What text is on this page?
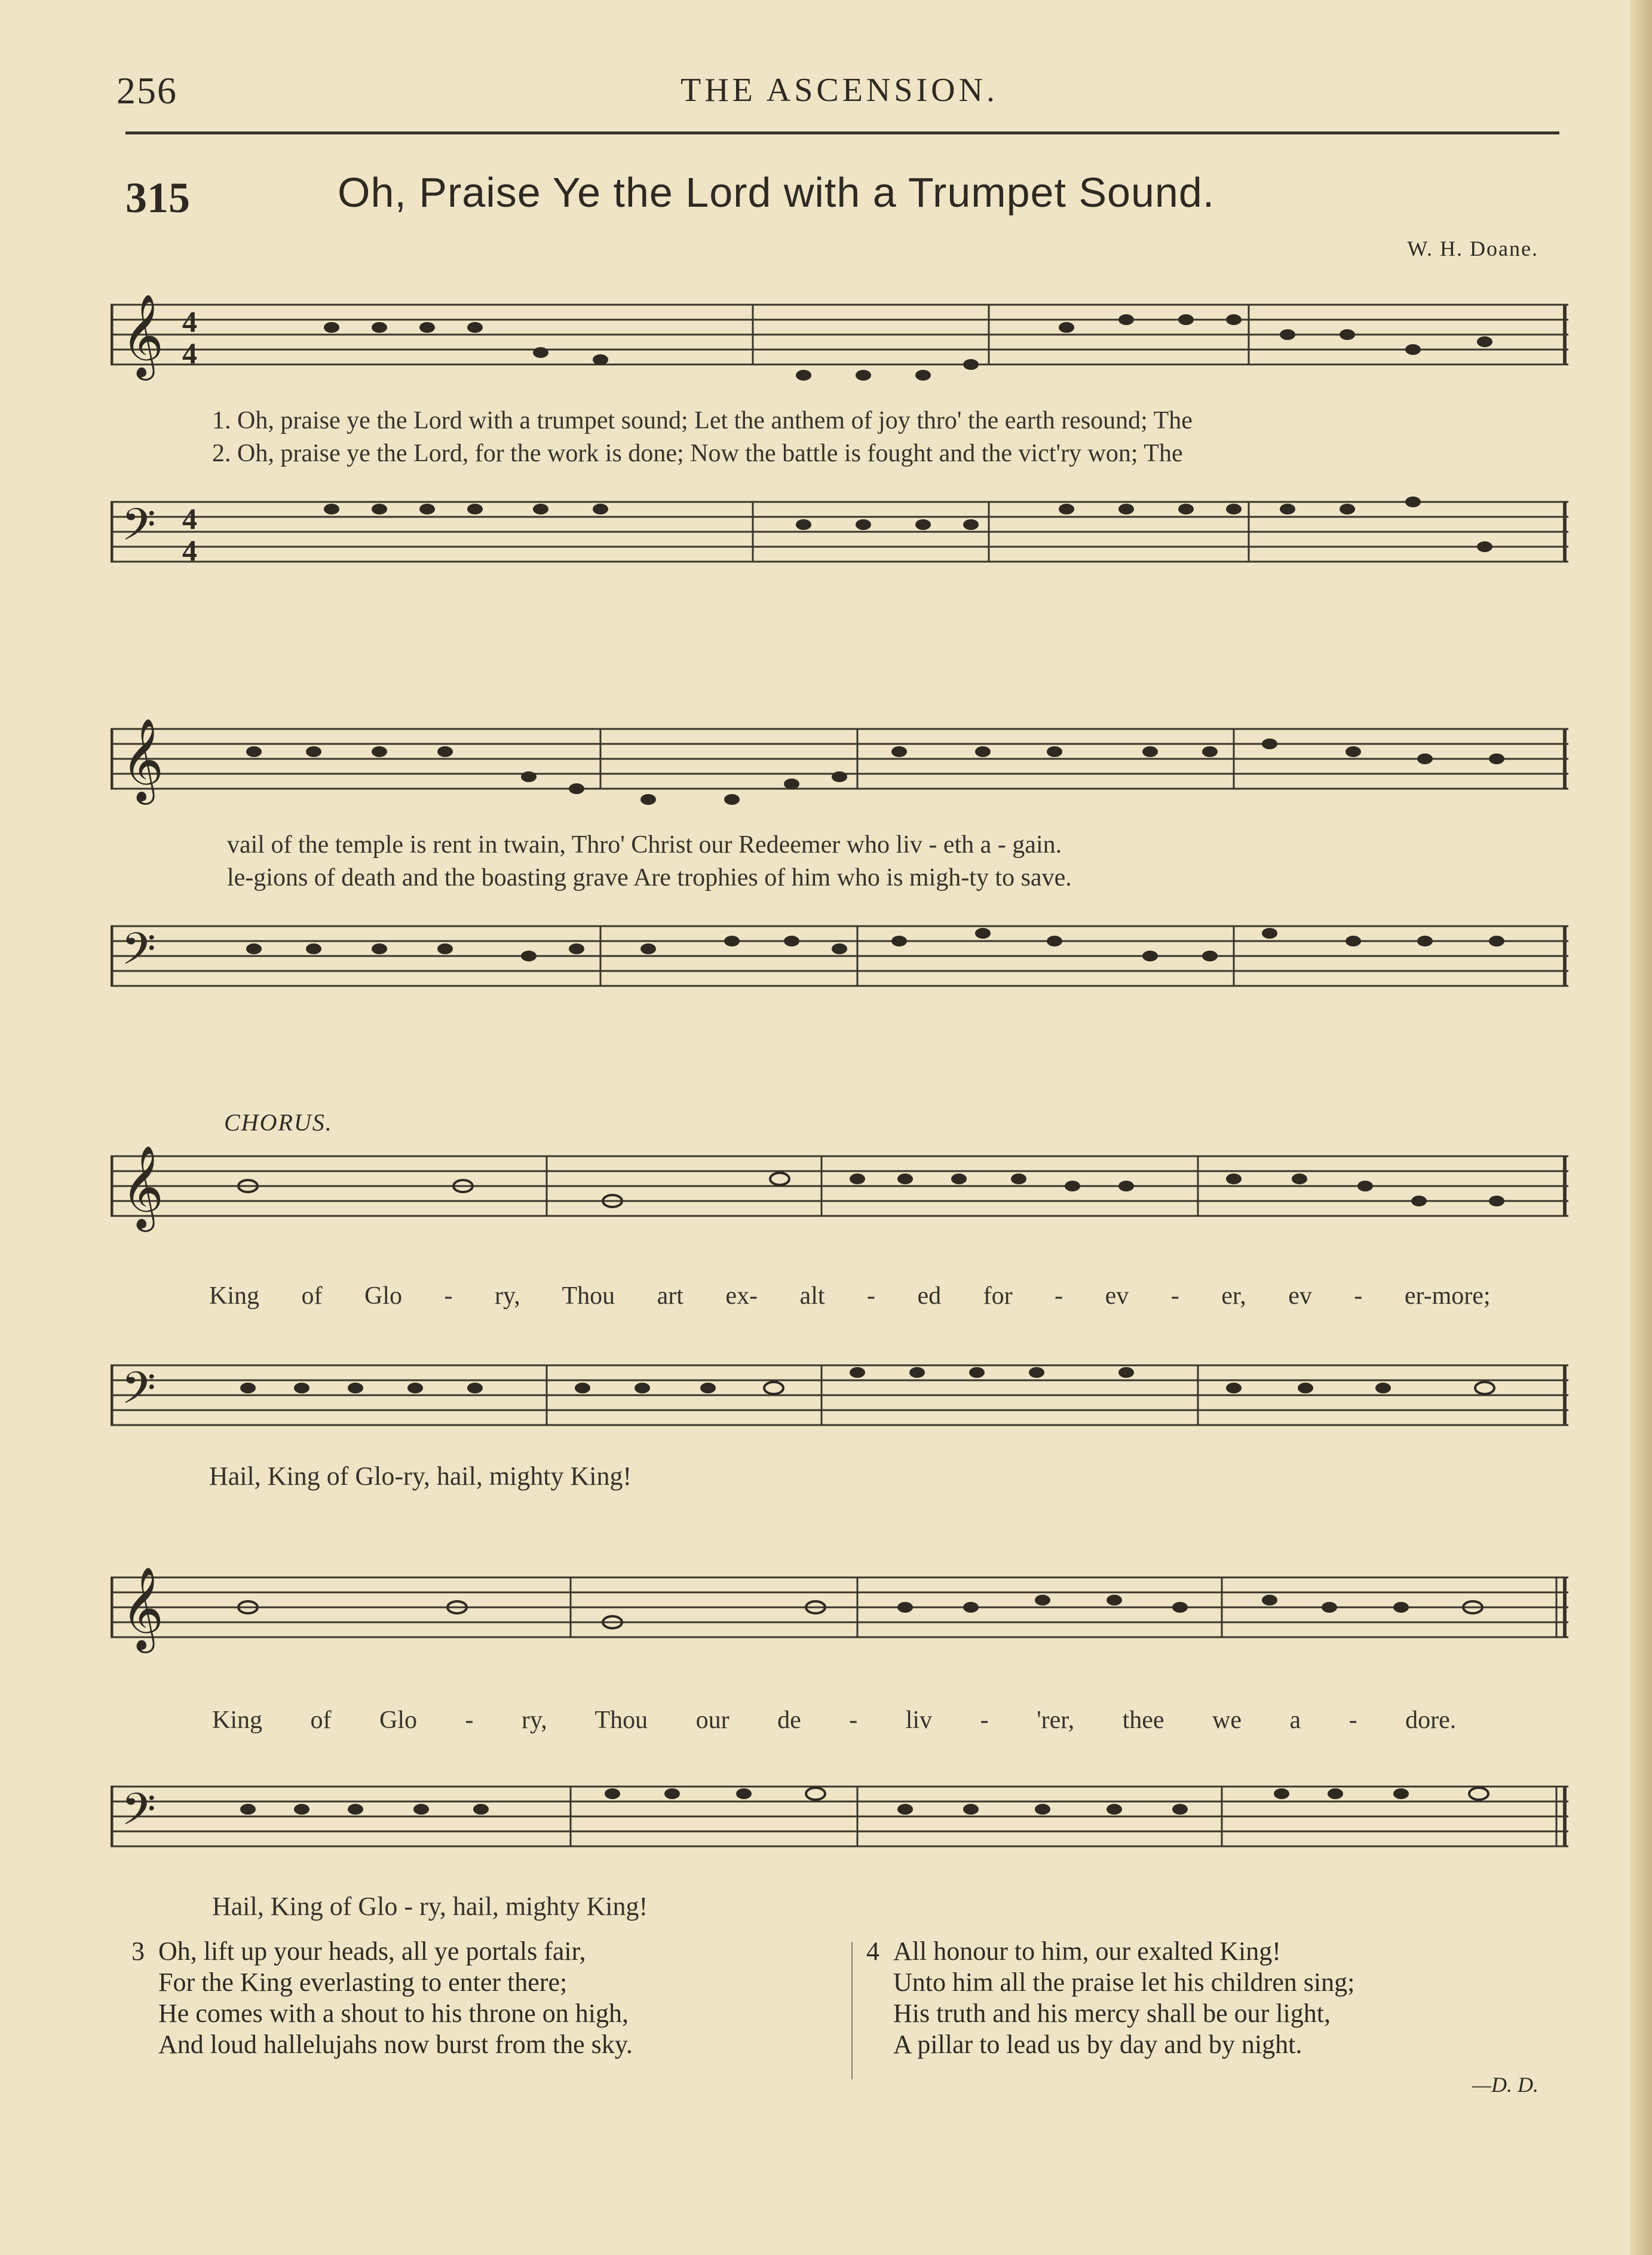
256	THE ASCENSION.
315	Oh, Praise Ye the Lord with a Trumpet Sound.
W. H. Doane.
𝄞 4
4
1. Oh, praise ye the Lord with a trumpet sound; Let the anthem of joy thro' the earth resound; The
2. Oh, praise ye the Lord, for the work is done; Now the battle is fought and the vict'ry won; The
𝄢 4
4
𝄞
vail of the temple is rent in twain, Thro' Christ our Redeemer who liv - eth a - gain.
le-gions of death and the boasting grave Are trophies of him who is migh-ty to save.
𝄢
CHORUS.
𝄞
King of Glo - ry, Thou art ex- alt - ed for - ev - er, ev - er-more;
𝄢
Hail, King of Glo-ry, hail, mighty King!
𝄞
King of Glo - ry, Thou our de - liv - 'rer, thee we a - dore.
𝄢
Hail, King of Glo - ry, hail, mighty King!
3 Oh, lift up your heads, all ye portals fair,
For the King everlasting to enter there;
He comes with a shout to his throne on high,
And loud hallelujahs now burst from the sky.
4 All honour to him, our exalted King!
Unto him all the praise let his children sing;
His truth and his mercy shall be our light,
A pillar to lead us by day and by night.
—D. D.
